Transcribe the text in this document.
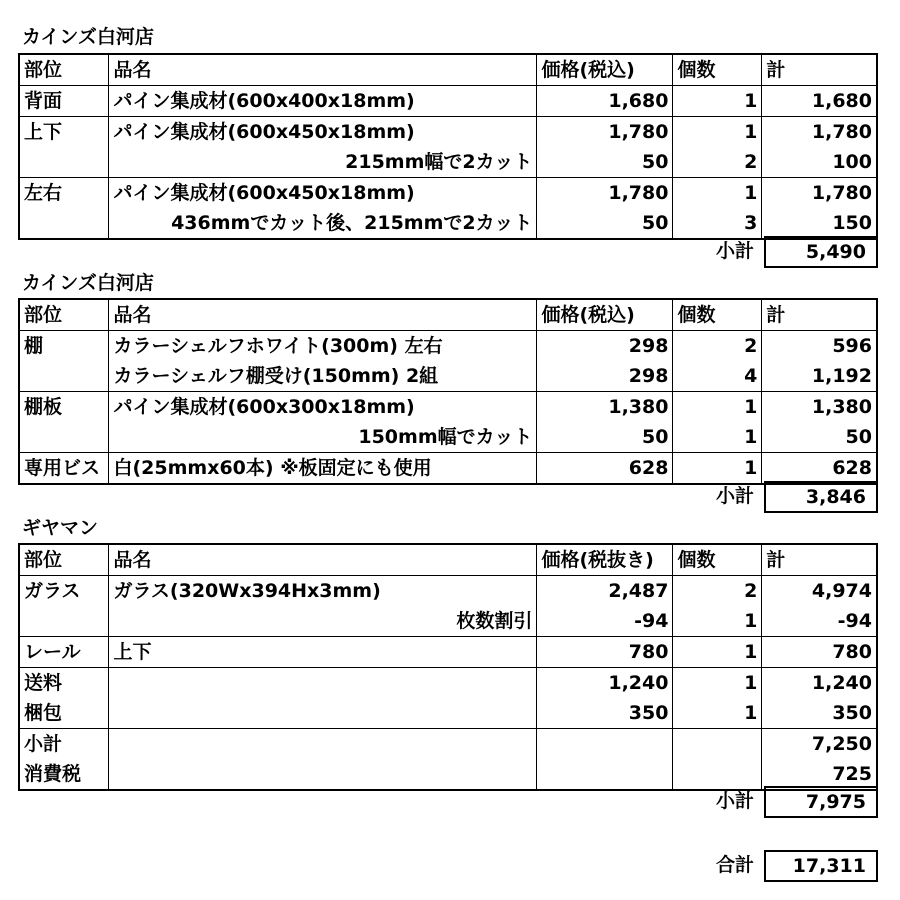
カインズ白河店
部位	品名	価格(税込)	個数	計
背面	パイン集成材(600x400x18mm)	1,680	1	1,680
上下	パイン集成材(600x450x18mm)	1,780	1	1,780
	215mm幅で2カット	50	2	100
左右	パイン集成材(600x450x18mm)	1,780	1	1,780
	436mmでカット後、215mmで2カット	50	3	150
小計	5,490
カインズ白河店
部位	品名	価格(税込)	個数	計
棚	カラーシェルフホワイト(300m) 左右	298	2	596
	カラーシェルフ棚受け(150mm) 2組	298	4	1,192
棚板	パイン集成材(600x300x18mm)	1,380	1	1,380
	150mm幅でカット	50	1	50
専用ビス	白(25mmx60本) ※板固定にも使用	628	1	628
小計	3,846
ギヤマン
部位	品名	価格(税抜き)	個数	計
ガラス	ガラス(320Wx394Hx3mm)	2,487	2	4,974
	枚数割引	-94	1	-94
レール	上下	780	1	780
送料		1,240	1	1,240
梱包		350	1	350
小計				7,250
消費税				725
小計	7,975
合計	17,311
